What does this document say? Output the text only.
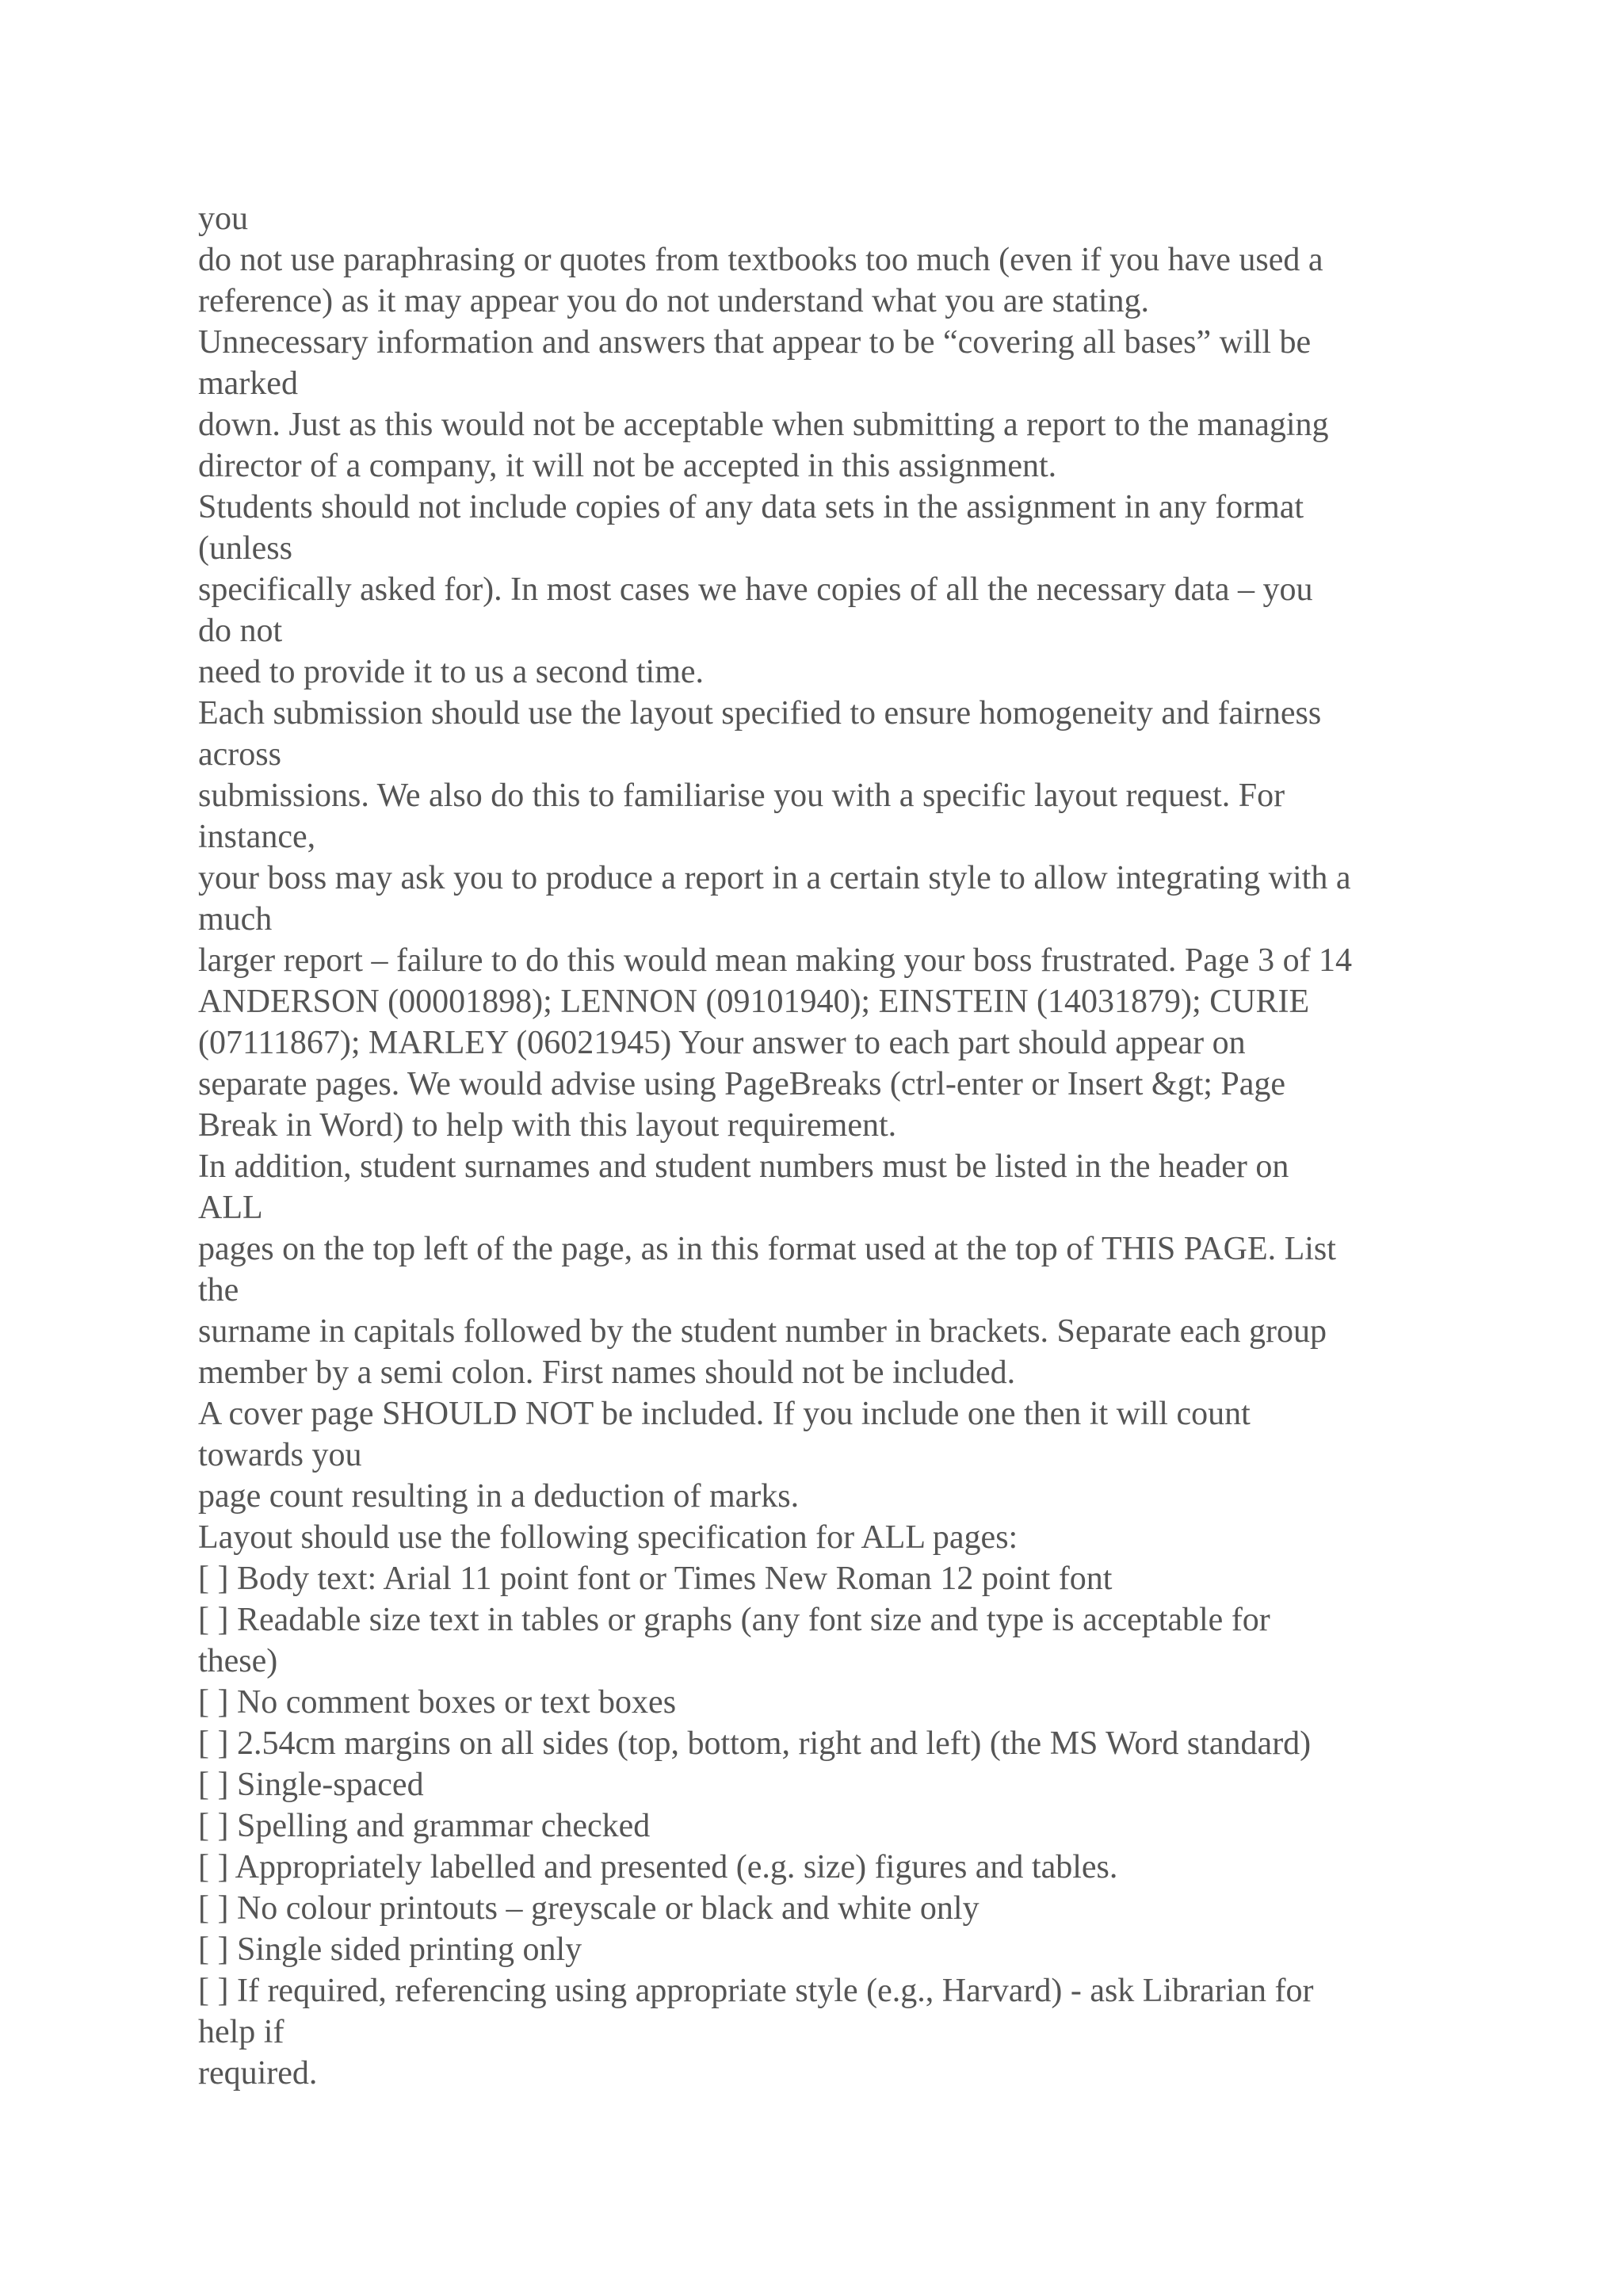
you
do not use paraphrasing or quotes from textbooks too much (even if you have used a
reference) as it may appear you do not understand what you are stating.
Unnecessary information and answers that appear to be “covering all bases” will be
marked
down. Just as this would not be acceptable when submitting a report to the managing
director of a company, it will not be accepted in this assignment.
Students should not include copies of any data sets in the assignment in any format
(unless
specifically asked for). In most cases we have copies of all the necessary data – you
do not
need to provide it to us a second time.
Each submission should use the layout specified to ensure homogeneity and fairness
across
submissions. We also do this to familiarise you with a specific layout request. For
instance,
your boss may ask you to produce a report in a certain style to allow integrating with a
much
larger report – failure to do this would mean making your boss frustrated. Page 3 of 14
ANDERSON (00001898); LENNON (09101940); EINSTEIN (14031879); CURIE
(07111867); MARLEY (06021945) Your answer to each part should appear on
separate pages. We would advise using PageBreaks (ctrl-enter or Insert &gt; Page
Break in Word) to help with this layout requirement.
In addition, student surnames and student numbers must be listed in the header on
ALL
pages on the top left of the page, as in this format used at the top of THIS PAGE. List
the
surname in capitals followed by the student number in brackets. Separate each group
member by a semi colon. First names should not be included.
A cover page SHOULD NOT be included. If you include one then it will count
towards you
page count resulting in a deduction of marks.
Layout should use the following specification for ALL pages:
[ ] Body text: Arial 11 point font or Times New Roman 12 point font
[ ] Readable size text in tables or graphs (any font size and type is acceptable for
these)
[ ] No comment boxes or text boxes
[ ] 2.54cm margins on all sides (top, bottom, right and left) (the MS Word standard)
[ ] Single-spaced
[ ] Spelling and grammar checked
[ ] Appropriately labelled and presented (e.g. size) figures and tables.
[ ] No colour printouts – greyscale or black and white only
[ ] Single sided printing only
[ ] If required, referencing using appropriate style (e.g., Harvard) - ask Librarian for
help if
required.
